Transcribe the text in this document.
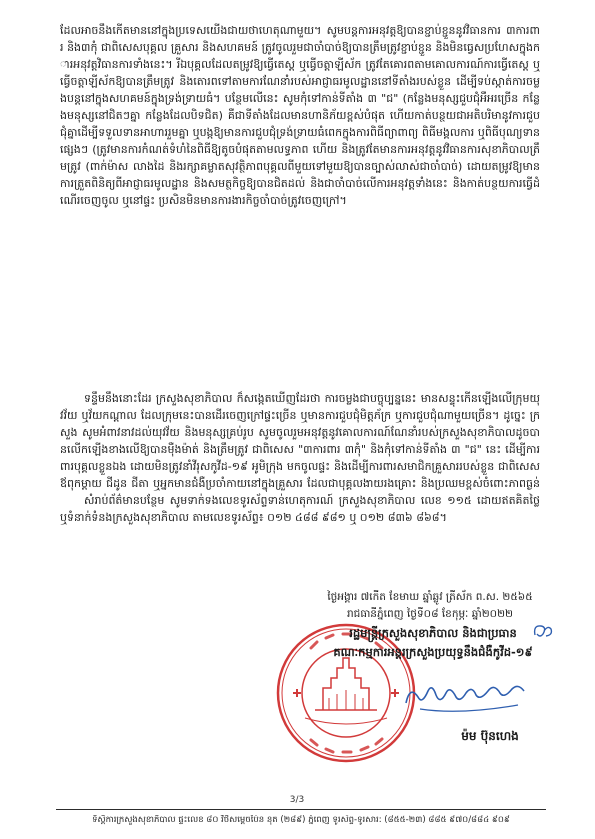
ដែលអាចនឹងកើតមាននៅក្នុងប្រទេសយើងជាយថាហេតុណាមួយ។ សូមបន្តការអនុវត្តឱ្យបានខ្ជាប់ខ្ជួននូវវិធានការ ៣ការពារ និង៣កុំ ជាពិសេសបុគ្គល គ្រួសារ និងសហគមន៍ ត្រូវចូលរួមជាចាំបាច់ឱ្យបានត្រឹមត្រូវខ្ជាប់ខ្ជួន និងមិនធ្វេសប្រហែសក្នុងការអនុវត្តវិធានការទាំងនេះ។ រីឯបុគ្គលដែលតម្រូវឱ្យធ្វើតេស្ត ឬធ្វើចត្តាឡីស័ក ត្រូវតែគោរពតាមគោលការណ៍ការធ្វើតេស្ត ឬធ្វើចត្តាឡីស័កឱ្យបានត្រឹមត្រូវ និងតោរពទៅតាមការណែនាំរបស់អាជ្ញាធរមូលដ្ឋាននៅទីតាំងរបស់ខ្លួន ដើម្បីទប់ស្កាត់ការចម្លងបន្តនៅក្នុងសហគមន៍ក្នុងទ្រង់ទ្រាយធំ។ បន្ថែមលើនេះ សូមកុំទៅកាន់ទីតាំង ៣ "ជ" (កន្លែងមនុស្សជួបជុំអឺអរច្រើន កន្លែងមនុស្សនៅជិតៗគ្នា កន្លែងដែលបិទជិត) គឺជាទីតាំងដែលមានហានិភ័យខ្ពស់បំផុត ហើយកាត់បន្ថយជាអតិបរិមានូវការជួបជុំគ្នាដើម្បីទទួលទានអាហាររួមគ្នា ឬបង្កឱ្យមានការជួបជុំទ្រង់ទ្រាយធំពេកក្នុងការពិធីព្យាពាព្យ ពិធីមង្គលការ ឬពិធីបុណ្យទានផ្សេងៗ (ត្រូវមានការកំណត់ទំហំនៃពិធីឱ្យតូចបំផុតតាមលទ្ធភាព ហើយ និងត្រូវតែមានការអនុវត្តនូវវិធានការសុខាភិបាលត្រឹមត្រូវ (ពាក់ម៉ាស លាងដៃ និងរក្សាគម្លាតសុវត្ថិភាពបុគ្គលពីមួយទៅមួយឱ្យបានច្បាស់លាស់ជាចាំបាច់) ដោយតម្រូវឱ្យមានការត្រួតពិនិត្យពីអាជ្ញាធរមូលដ្ឋាន និងសមត្ថកិច្ចឱ្យបានជិតដល់ និងជាចាំបាច់លើការអនុវត្តទាំងនេះ និងកាត់បន្ថយការធ្វើដំណើរចេញចូល ឬនៅផ្ទះ ប្រសិនមិនមានការងារកិច្ចចាំបាច់ត្រូវចេញក្រៅ។

ទន្ទឹមនឹងនោះដែរ ក្រសួងសុខាភិបាល ក៏សង្កេតឃើញដែរថា ការចម្លងជាបច្ចុប្បន្ននេះ មានសន្ទុះកើនឡើងលើក្រុមយុវវ័យ ឬវ័យកណ្តាល ដែលក្រុមនេះបានដើរចេញក្រៅផ្ទះច្រើន ឬមានការជួបជុំមិត្តភ័ក្រ ឬការជួបជុំណាមួយច្រើន។ ដូច្នេះ ក្រសួង សូមអំពាវនាវដល់យុវវ័យ និងមនុស្សគ្រប់រូប សូមចូលរួមអនុវត្តនូវគោលការណ៍ណែនាំរបស់ក្រសួងសុខាភិបាលដូចបានលើកឡើងខាងលើឱ្យបានម៉ឺងម៉ាត់ និងត្រឹមត្រូវ ជាពិសេស "៣ការពារ ៣កុំ" និងកុំទៅកាន់ទីតាំង ៣ "ជ" នេះ ដើម្បីការពារបុគ្គលខ្លួនឯង ដោយមិនត្រូវនាំវីរុសកូវីដ-១៩ អូមិក្រុង មកចូលផ្ទះ និងដើម្បីការពារសមាជិកគ្រួសាររបស់ខ្លួន ជាពិសេស ឪពុកម្តាយ ជីដូន ជីតា ឬអ្នកមានជំងឺប្រចាំកាយនៅក្នុងគ្រួសារ ដែលជាបុគ្គលងាយរងគ្រោះ និងប្រឈមខ្ពស់ចំពោះភាពធ្ងន់

សំរាប់ព័ត៌មានបន្ថែម សូមទាក់ទងលេខទូរស័ព្ទទាន់ហេតុការណ៍ ក្រសួងសុខាភិបាល លេខ ១១៥ ដោយឥតគិតថ្លៃ ឬទំនាក់ទំនងក្រសួងសុខាភិបាល តាមលេខទូរស័ព្ទ៖ ០១២ ៤៨៨ ៩៨១ ឬ ០១២ ៨៣៦ ៨៦៨។

ថ្ងៃអង្គារ ៧កើត ខែមាឃ ឆ្នាំឆ្លូវ ត្រីស័ក ព.ស. ២៥៦៥

រាជធានីភ្នំពេញ ថ្ងៃទី០៨ ខែកុម្ភៈ ឆ្នាំ២០២២

រដ្ឋមន្ត្រីក្រសួងសុខាភិបាល និងជាប្រធាន
គណៈកម្មការអន្តរក្រសួងប្រយុទ្ធនឹងជំងឺកូវីដ-១៩
ម៉ម ប៊ុនហេង
3/3
ទីស្តីការក្រសួងសុខាភិបាល ផ្ទះលេខ ៨០ វិថីសម្តេចប៉ែន នុត (២៨៩) ភ្នំពេញ ទូរស័ព្ទ-ទូរសារ: (៨៥៥-២៣) ៨៨៥ ៩៧០/៨៨៤ ៩០៩
